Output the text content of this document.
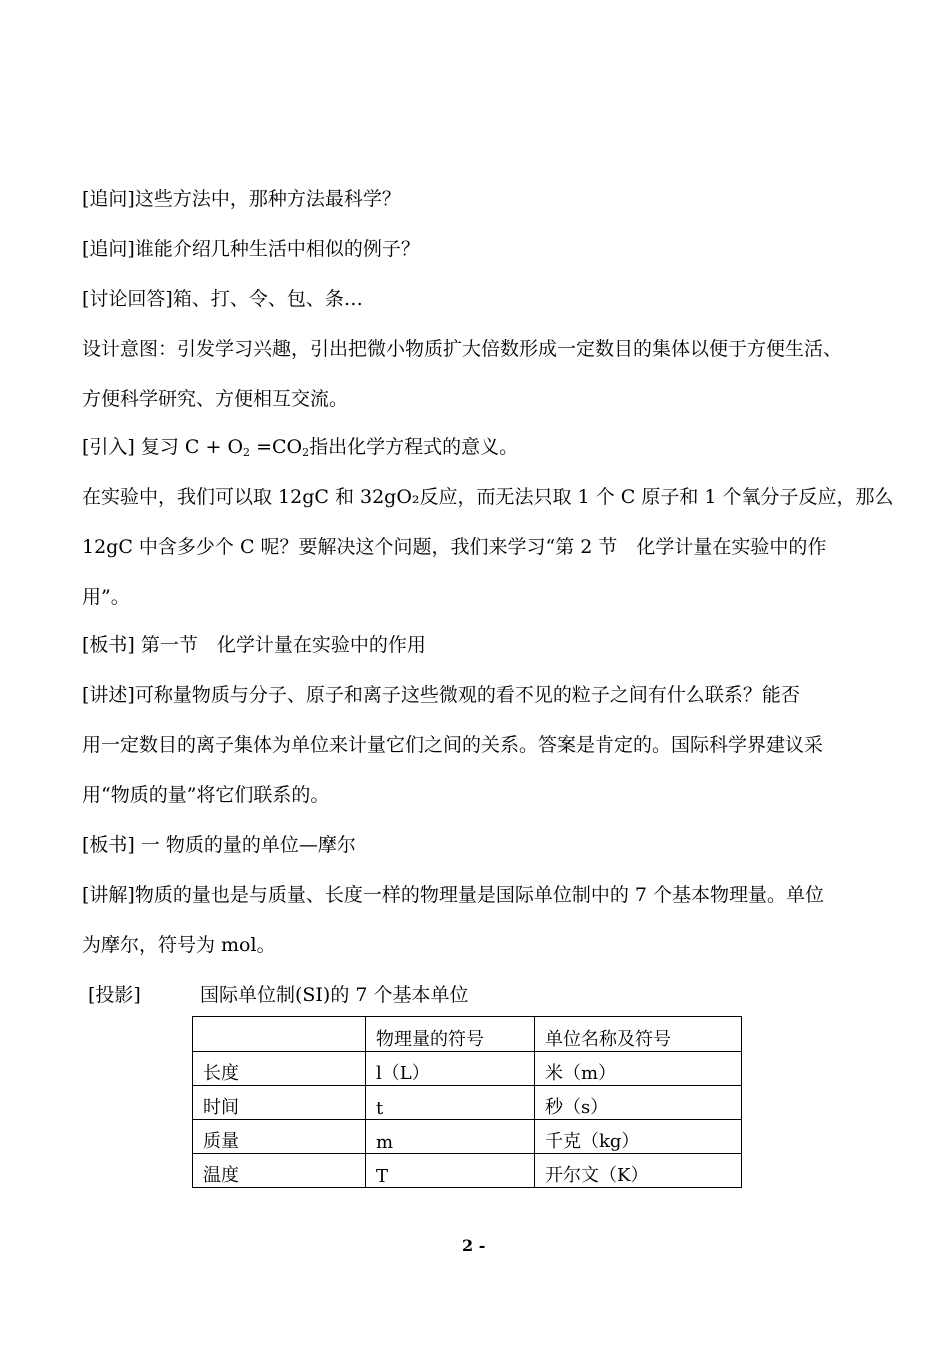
[追问]这些方法中，那种方法最科学？
[追问]谁能介绍几种生活中相似的例子？
[讨论回答]箱、打、令、包、条…
设计意图：引发学习兴趣，引出把微小物质扩大倍数形成一定数目的集体以便于方便生活、
方便科学研究、方便相互交流。
[引入] 复习 $C + O_2 =CO_2$指出化学方程式的意义。
在实验中，我们可以取 12gC 和 32gO₂反应，而无法只取 1 个 C 原子和 1 个氧分子反应，那么
12gC 中含多少个 C 呢？要解决这个问题，我们来学习“第 2 节　化学计量在实验中的作
用”。
[板书] 第一节　化学计量在实验中的作用
[讲述]可称量物质与分子、原子和离子这些微观的看不见的粒子之间有什么联系？能否
用一定数目的离子集体为单位来计量它们之间的关系。答案是肯定的。国际科学界建议采
用“物质的量”将它们联系的。
[板书] 一 物质的量的单位—摩尔
[讲解]物质的量也是与质量、长度一样的物理量是国际单位制中的 7 个基本物理量。单位
为摩尔，符号为 mol。
[投影]	国际单位制(SI)的 7 个基本单位
	物理量的符号	单位名称及符号
长度	l（L）	米（m）
时间	t	秒（s）
质量	m	千克（kg）
温度	T	开尔文（K）
2 -
